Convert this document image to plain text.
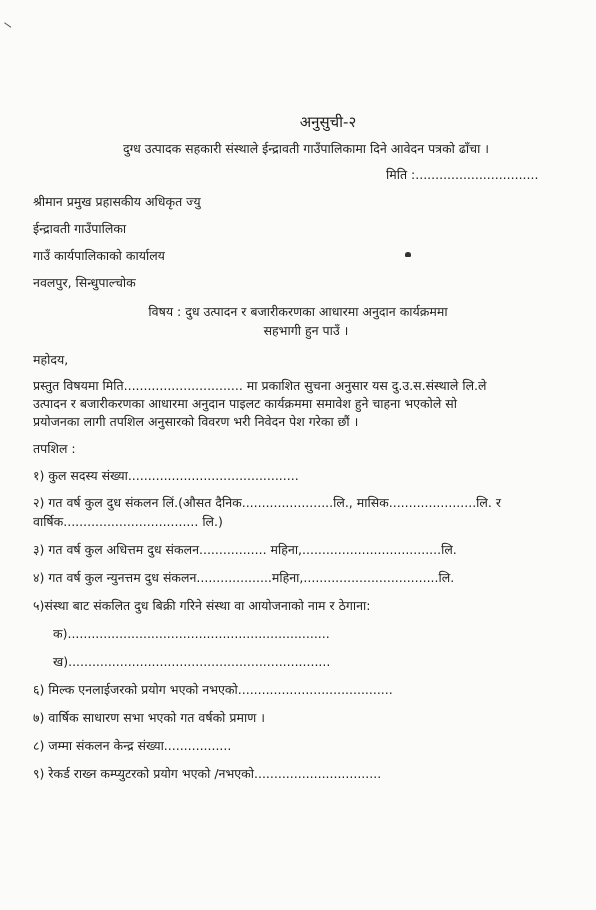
अनुसुची-२
दुग्ध उत्पादक सहकारी संस्थाले ईन्द्रावती गाउँपालिकामा दिने आवेदन पत्रको ढाँचा ।
मिति :...............................
श्रीमान प्रमुख प्रहासकीय अधिकृत ज्यु
ईन्द्रावती गाउँपालिका
गाउँ कार्यपालिकाको कार्यालय
नवलपुर, सिन्धुपाल्चोक
विषय : दुध उत्पादन र बजारीकरणका आधारमा अनुदान कार्यक्रममा
सहभागी हुन पाउँ ।
महोदय,
प्रस्तुत विषयमा मिति.............................. मा प्रकाशित सुचना अनुसार यस दु.उ.स.संस्थाले लि.ले
उत्पादन र बजारीकरणका आधारमा अनुदान पाइलट कार्यक्रममा समावेश हुने चाहना भएकोले सो
प्रयोजनका लागी तपशिल अनुसारको विवरण भरी निवेदन पेश गरेका छौं ।
तपशिल :
१) कुल सदस्य संख्या...........................................
२) गत वर्ष कुल दुध संकलन लिं.(औसत दैनिक.......................लि., मासिक......................लि. र
वार्षिक.................................. लि.)
३) गत वर्ष कुल अधित्तम दुध संकलन................. महिना,...................................लि.
४) गत वर्ष कुल न्युनत्तम दुध संकलन...................महिना,..................................लि.
५)संस्था बाट संकलित दुध बिक्री गरिने संस्था वा आयोजनाको नाम र ठेगाना:
क)..................................................................
ख)..................................................................
६) मिल्क एनलाईजरको प्रयोग भएको नभएको.......................................
७) वार्षिक साधारण सभा भएको गत वर्षको प्रमाण ।
८) जम्मा संकलन केन्द्र संख्या.................
९) रेकर्ड राख्न कम्प्युटरको प्रयोग भएको /नभएको................................
